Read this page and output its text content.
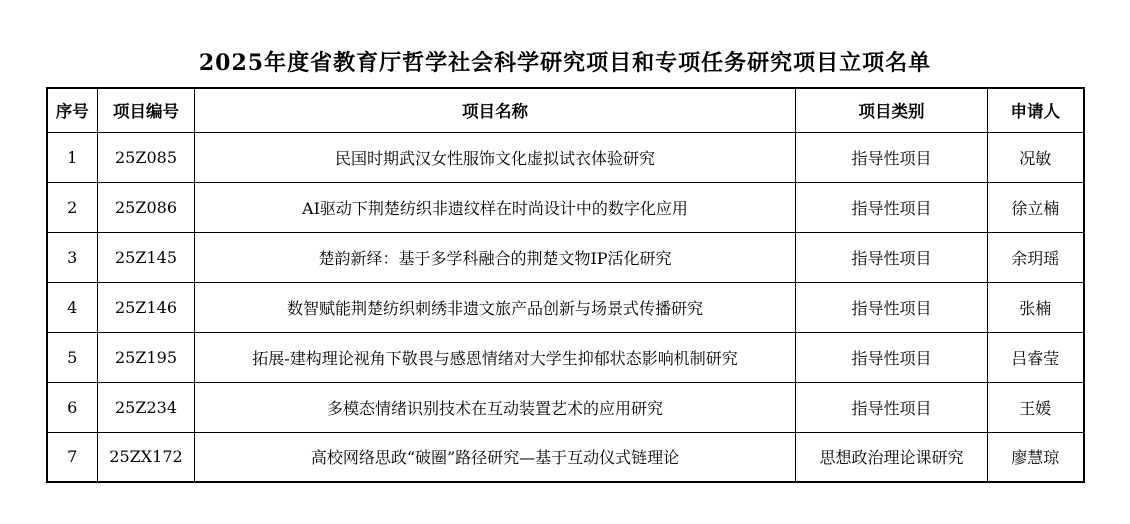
2025年度省教育厅哲学社会科学研究项目和专项任务研究项目立项名单
序号	项目编号	项目名称	项目类别	申请人
1	25Z085	民国时期武汉女性服饰文化虚拟试衣体验研究	指导性项目	况敏
2	25Z086	AI驱动下荆楚纺织非遗纹样在时尚设计中的数字化应用	指导性项目	徐立楠
3	25Z145	楚韵新绎：基于多学科融合的荆楚文物IP活化研究	指导性项目	余玥瑶
4	25Z146	数智赋能荆楚纺织刺绣非遗文旅产品创新与场景式传播研究	指导性项目	张楠
5	25Z195	拓展-建构理论视角下敬畏与感恩情绪对大学生抑郁状态影响机制研究	指导性项目	吕睿莹
6	25Z234	多模态情绪识别技术在互动装置艺术的应用研究	指导性项目	王媛
7	25ZX172	高校网络思政“破圈”路径研究—基于互动仪式链理论	思想政治理论课研究	廖慧琼
